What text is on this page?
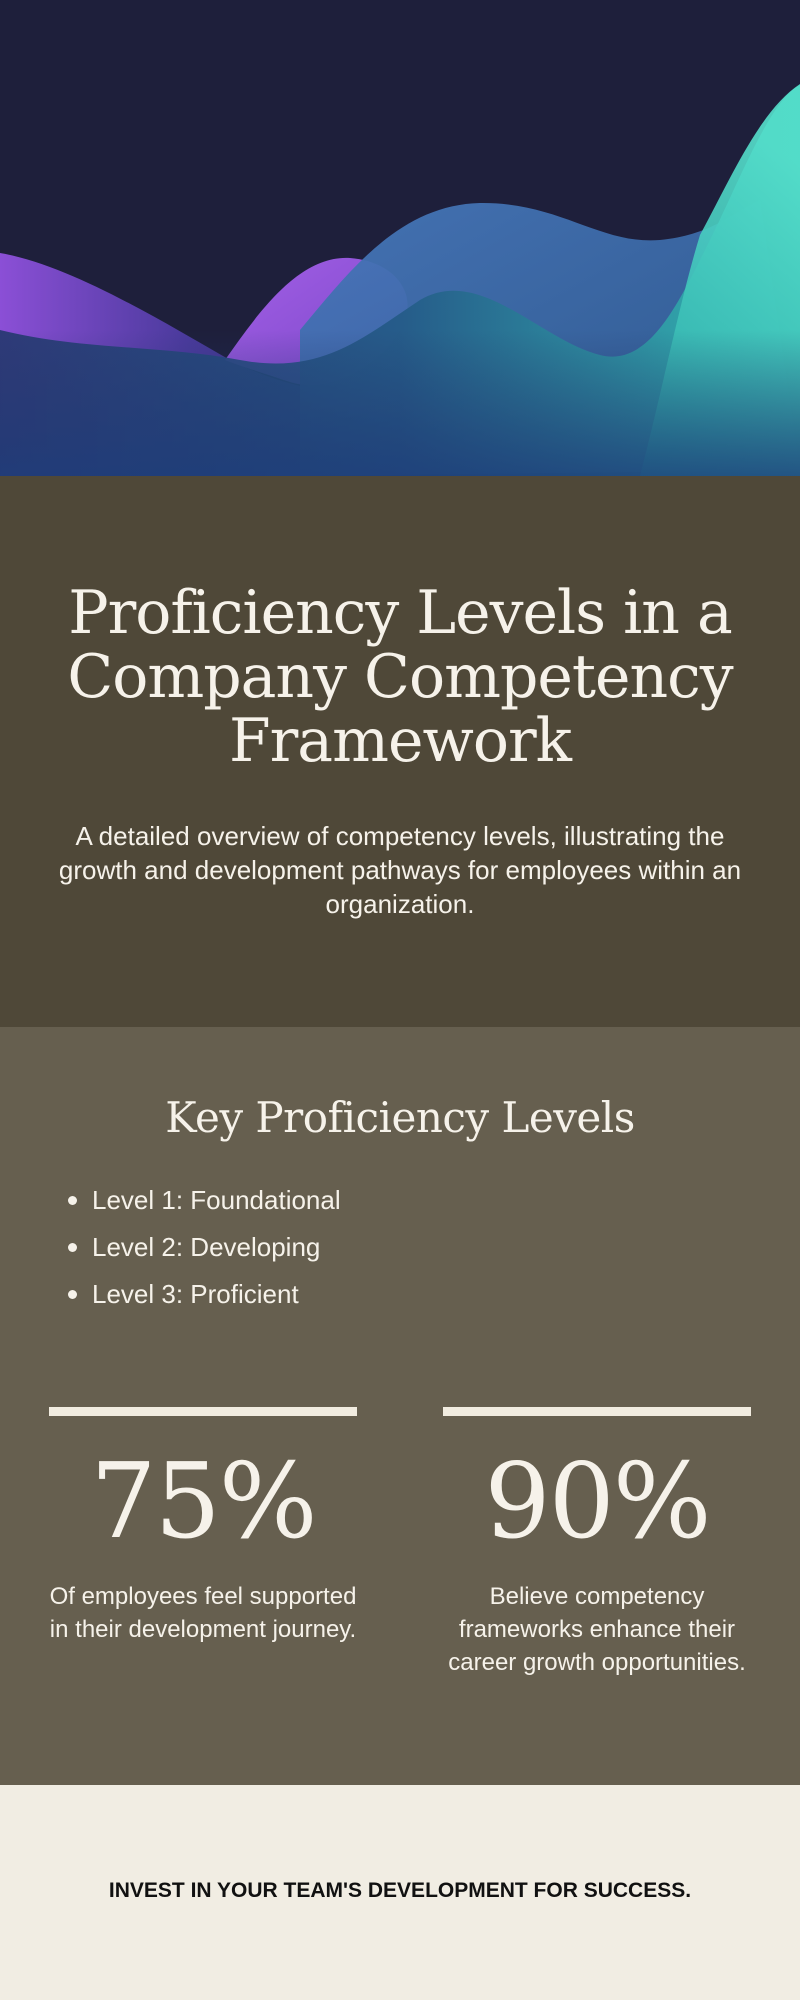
Proficiency Levels in a Company Competency Framework

A detailed overview of competency levels, illustrating the growth and development pathways for employees within an organization.

Key Proficiency Levels
Level 1: Foundational
Level 2: Developing
Level 3: Proficient
75%
Of employees feel supported in their development journey.
90%
Believe competency frameworks enhance their career growth opportunities.
INVEST IN YOUR TEAM'S DEVELOPMENT FOR SUCCESS.
